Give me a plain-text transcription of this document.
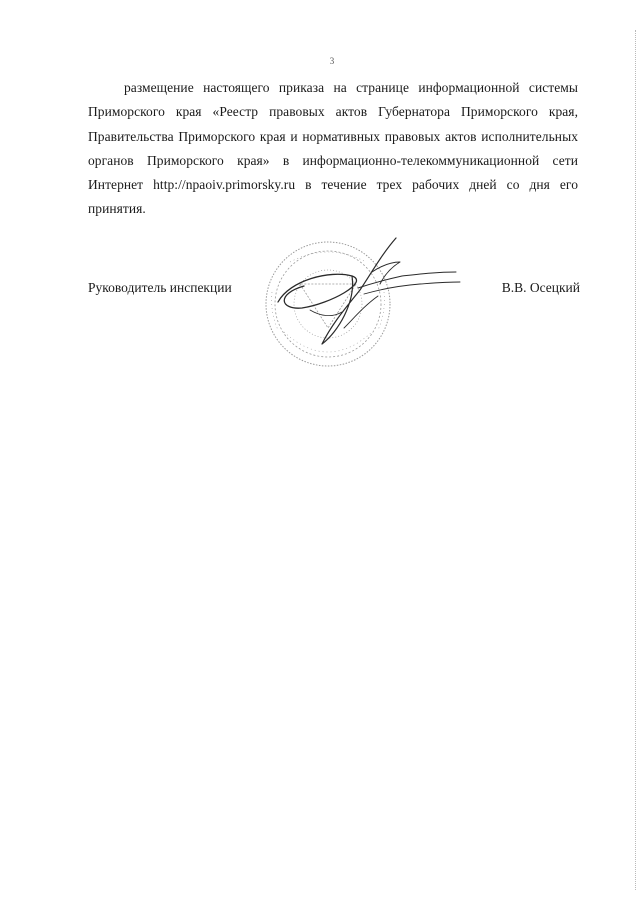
3

размещение настоящего приказа на странице информационной системы Приморского края «Реестр правовых актов Губернатора Приморского края, Правительства Приморского края и нормативных правовых актов исполнительных органов Приморского края» в информационно-телекоммуникационной сети Интернет http://npaoiv.primorsky.ru в течение трех рабочих дней со дня его принятия.

Руководитель инспекции	В.В. Осецкий
